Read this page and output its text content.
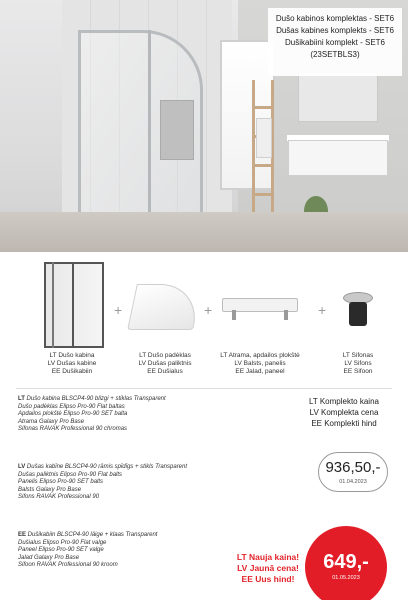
Dušo kabinos komplektas - SET6
Dušas kabines komplekts - SET6
Dušikabiini komplekt - SET6
(23SETBLS3)
LT Dušo kabina
LV Dušas kabine
EE Dušikabiin
+
LT Dušo padėklas
LV Dušas paliktnis
EE Dušialus
+
LT Atrama, apdailos plokštė
LV Balsts, panelis
EE Jalad, paneel
+
LT Sifonas
LV Sifons
EE Sifoon
LT Dušo kabina BLSCP4-90 blizgi + stiklas Transparent
Dušo padėklas Elipso Pro-90 Flat baltas
Apdailos plokštė Elipso Pro-90 SET balta
Atrama Galaxy Pro Base
Sifonas RAVAK Professional 90 chromas
LV Dušas kabīne BLSCP4-90 rāmis spīdīgs + stikls Transparent
Dušas paliktnis Elipso Pro-90 Flat balts
Panelis Elipso Pro-90 SET balts
Balsts Galaxy Pro Base
Sifons RAVAK Professional 90
EE Dušikabiin BLSCP4-90 läige + klaas Transparent
Dušialus Elipso Pro-90 Flat valge
Paneel Elipso Pro-90 SET valge
Jalad Galaxy Pro Base
Sifoon RAVAK Professional 90 kroom
LT Komplekto kaina
LV Komplekta cena
EE Komplekti hind
936,50,-
01.04.2023
LT Nauja kaina!
LV Jaunā cena!
EE Uus hind!
649,-
01.05.2023
